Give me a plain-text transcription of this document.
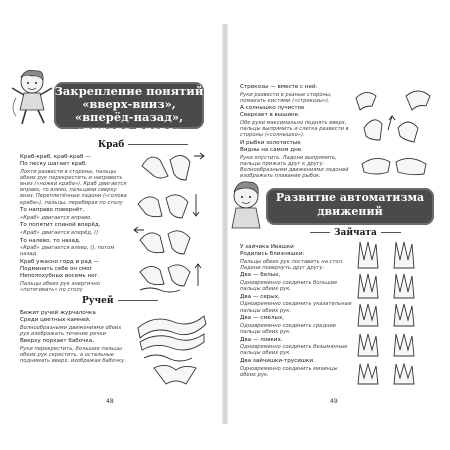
Закрепление понятий
«вверх-вниз», «вперёд-назад»,
«вправо-влево»
Краб
Краб-краб, краб-краб —
По песку шагает краб.
Локти развести в стороны, пальцы обеих рук перекрестить и направить вниз («ножки краба»). Краб двигается вправо, то влево, пальцами сверху вниз. Переплетённые ладони («голова краба»), пальцы, перебирая по столу
То направо повернёт,
«Краб» двигается вправо.
То попятит спиной вперёд,
«Краб» двигается вперёд, ()
То налево, то назад.
«Краб» двигается влево, (), потом назад.
Краб ужасно горд и рад —
Подминать себе он смог
Неполохубных восемь ног.
Пальцы обеих рук энергично «потягивать» по столу
Ручей
Бежит ручей журчалочка
Среди цветных камней.
Волнообразными движениями обеих рук изображать течение речки
Вверху порхает бабочка,
Руки перекрестить, большие пальцы обеих рук скрестить, а остальные поднимать вверх, изображая бабочку.
48
Стрекозы — вместе с ней.
Руки развести в разные стороны, помахать кистями («стрекозы»).
А солнышко лучистое
Сверкает в вышине.
Обе руки максимально поднять вверх, пальцы выпрямить и слегка развести в стороны («солнышко»).
И рыбки золотистые
Видны на самом дне.
Руки опустить. Ладони выпрямить, пальцы прижать друг к другу. Волнообразными движениями ладоней изображать плавание рыбок.
Развитие автоматизма
движений
Зайчата
У зайчика Ивашки
Родились близняшки:
Пальцы обеих рук поставить на стол. Ладони повернуть друг другу.
Два — белых,
Одновременно соединить большие пальцы обеих рук.
Два — серых,
Одновременно соединить указательные пальцы обеих рук.
Два — смелых,
Одновременно соединить средние пальцы обеих рук.
Два — ловких.
Одновременно соединить безымянные пальцы обеих рук.
Два зайчишки-трусишки.
Одновременно соединить мизинцы обеих рук.
49
